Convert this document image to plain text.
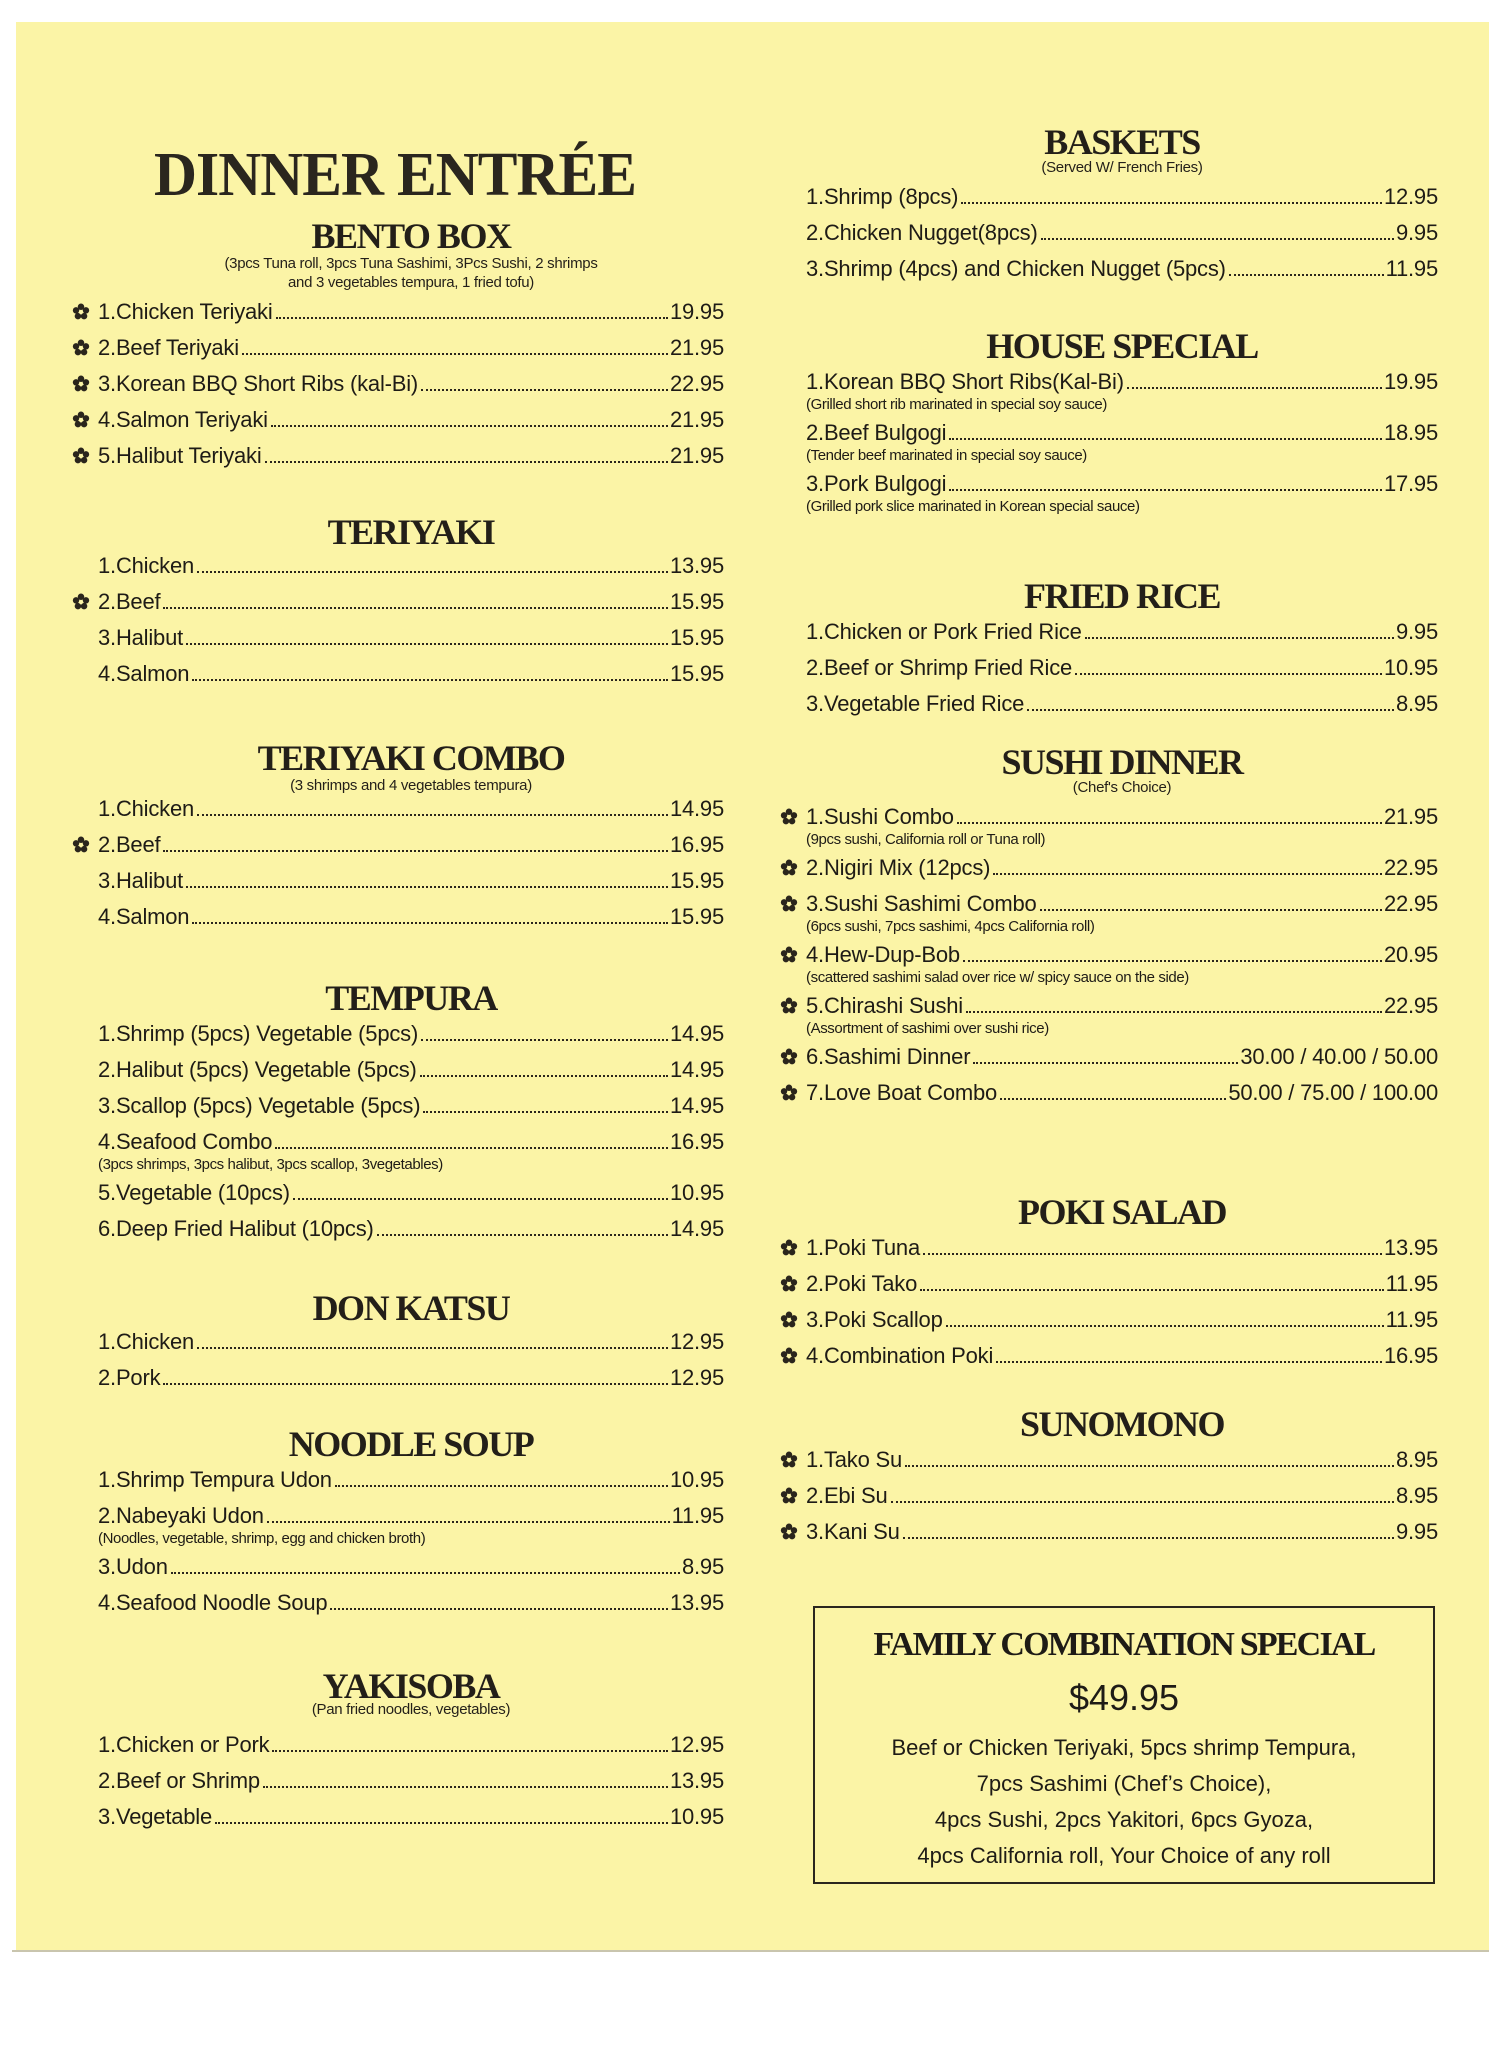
DINNER ENTRÉE
BENTO BOX
(3pcs Tuna roll, 3pcs Tuna Sashimi, 3Pcs Sushi, 2 shrimps and 3 vegetables tempura, 1 fried tofu)
1.Chicken Teriyaki	19.95
2.Beef Teriyaki	21.95
3.Korean BBQ Short Ribs (kal-Bi)	22.95
4.Salmon Teriyaki	21.95
5.Halibut Teriyaki	21.95
TERIYAKI
1.Chicken	13.95
2.Beef	15.95
3.Halibut	15.95
4.Salmon	15.95
TERIYAKI COMBO
(3 shrimps and 4 vegetables tempura)
1.Chicken	14.95
2.Beef	16.95
3.Halibut	15.95
4.Salmon	15.95
TEMPURA
1.Shrimp (5pcs) Vegetable (5pcs)	14.95
2.Halibut (5pcs) Vegetable (5pcs)	14.95
3.Scallop (5pcs) Vegetable (5pcs)	14.95
4.Seafood Combo	16.95
(3pcs shrimps, 3pcs halibut, 3pcs scallop, 3vegetables)
5.Vegetable (10pcs)	10.95
6.Deep Fried Halibut (10pcs)	14.95
DON KATSU
1.Chicken	12.95
2.Pork	12.95
NOODLE SOUP
1.Shrimp Tempura Udon	10.95
2.Nabeyaki Udon	11.95
(Noodles, vegetable, shrimp, egg and chicken broth)
3.Udon	8.95
4.Seafood Noodle Soup	13.95
YAKISOBA
(Pan fried noodles, vegetables)
1.Chicken or Pork	12.95
2.Beef or Shrimp	13.95
3.Vegetable	10.95
BASKETS
(Served W/ French Fries)
1.Shrimp (8pcs)	12.95
2.Chicken Nugget(8pcs)	9.95
3.Shrimp (4pcs) and Chicken Nugget (5pcs)	11.95
HOUSE SPECIAL
1.Korean BBQ Short Ribs(Kal-Bi)	19.95
(Grilled short rib marinated in special soy sauce)
2.Beef Bulgogi	18.95
(Tender beef marinated in special soy sauce)
3.Pork Bulgogi	17.95
(Grilled pork slice marinated in Korean special sauce)
FRIED RICE
1.Chicken or Pork Fried Rice	9.95
2.Beef or Shrimp Fried Rice	10.95
3.Vegetable Fried Rice	8.95
SUSHI DINNER
(Chef's Choice)
1.Sushi Combo	21.95
(9pcs sushi, California roll or Tuna roll)
2.Nigiri Mix (12pcs)	22.95
3.Sushi Sashimi Combo	22.95
(6pcs sushi, 7pcs sashimi, 4pcs California roll)
4.Hew-Dup-Bob	20.95
(scattered sashimi salad over rice w/ spicy sauce on the side)
5.Chirashi Sushi	22.95
(Assortment of sashimi over sushi rice)
6.Sashimi Dinner	30.00 / 40.00 / 50.00
7.Love Boat Combo	50.00 / 75.00 / 100.00
POKI SALAD
1.Poki Tuna	13.95
2.Poki Tako	11.95
3.Poki Scallop	11.95
4.Combination Poki	16.95
SUNOMONO
1.Tako Su	8.95
2.Ebi Su	8.95
3.Kani Su	9.95
FAMILY COMBINATION SPECIAL
$49.95
Beef or Chicken Teriyaki, 5pcs shrimp Tempura,
7pcs Sashimi (Chef’s Choice),
4pcs Sushi, 2pcs Yakitori, 6pcs Gyoza,
4pcs California roll, Your Choice of any roll
